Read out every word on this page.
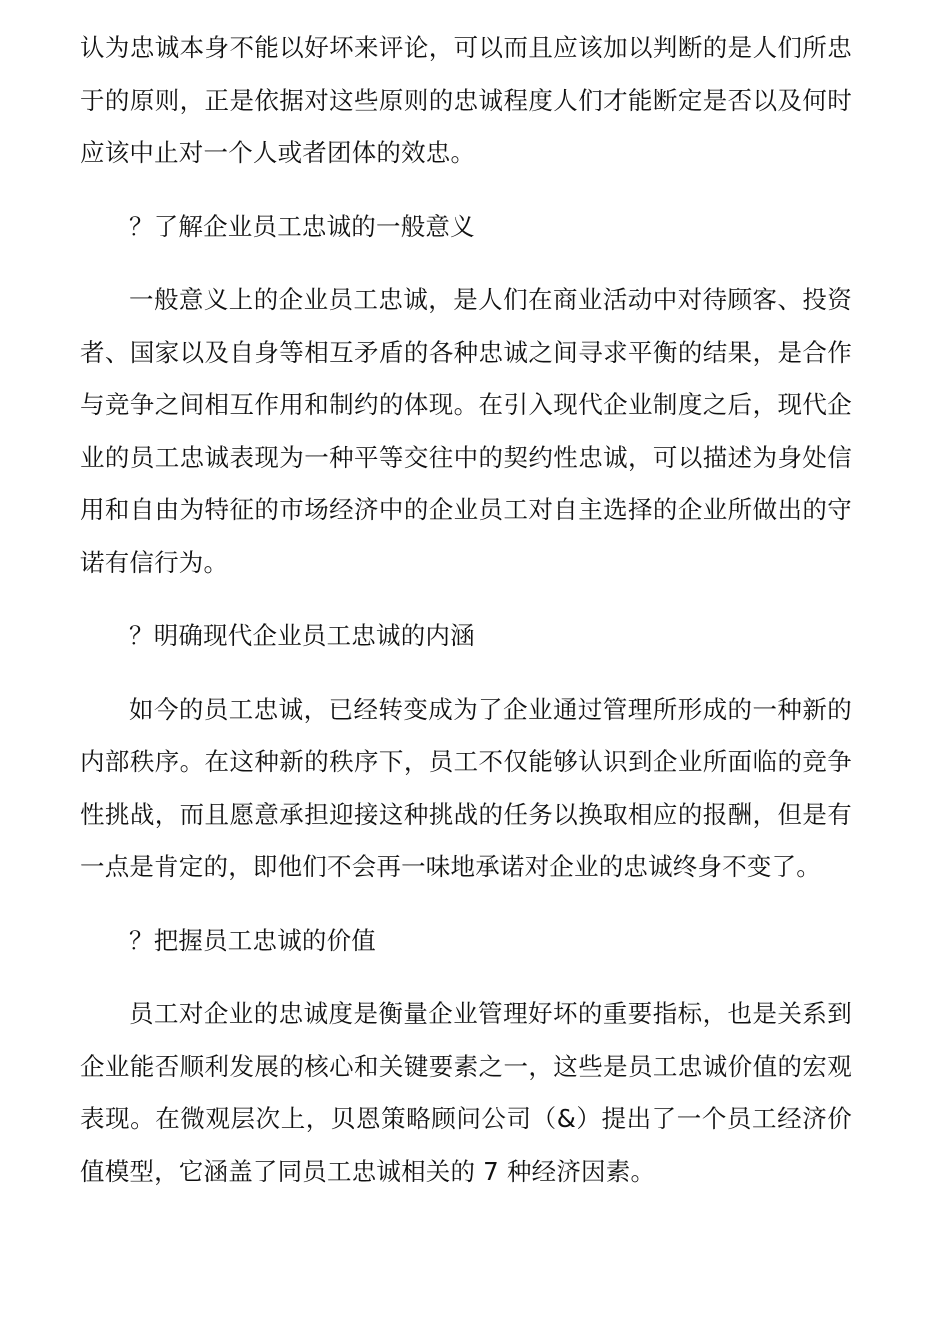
认为忠诚本身不能以好坏来评论，可以而且应该加以判断的是人们所忠于的原则，正是依据对这些原则的忠诚程度人们才能断定是否以及何时应该中止对一个人或者团体的效忠。

？了解企业员工忠诚的一般意义

一般意义上的企业员工忠诚，是人们在商业活动中对待顾客、投资者、国家以及自身等相互矛盾的各种忠诚之间寻求平衡的结果，是合作与竞争之间相互作用和制约的体现。在引入现代企业制度之后，现代企业的员工忠诚表现为一种平等交往中的契约性忠诚，可以描述为身处信用和自由为特征的市场经济中的企业员工对自主选择的企业所做出的守诺有信行为。

？明确现代企业员工忠诚的内涵

如今的员工忠诚，已经转变成为了企业通过管理所形成的一种新的内部秩序。在这种新的秩序下，员工不仅能够认识到企业所面临的竞争性挑战，而且愿意承担迎接这种挑战的任务以换取相应的报酬，但是有一点是肯定的，即他们不会再一味地承诺对企业的忠诚终身不变了。

？把握员工忠诚的价值

员工对企业的忠诚度是衡量企业管理好坏的重要指标，也是关系到企业能否顺利发展的核心和关键要素之一，这些是员工忠诚价值的宏观表现。在微观层次上，贝恩策略顾问公司（&）提出了一个员工经济价值模型，它涵盖了同员工忠诚相关的 7 种经济因素。
